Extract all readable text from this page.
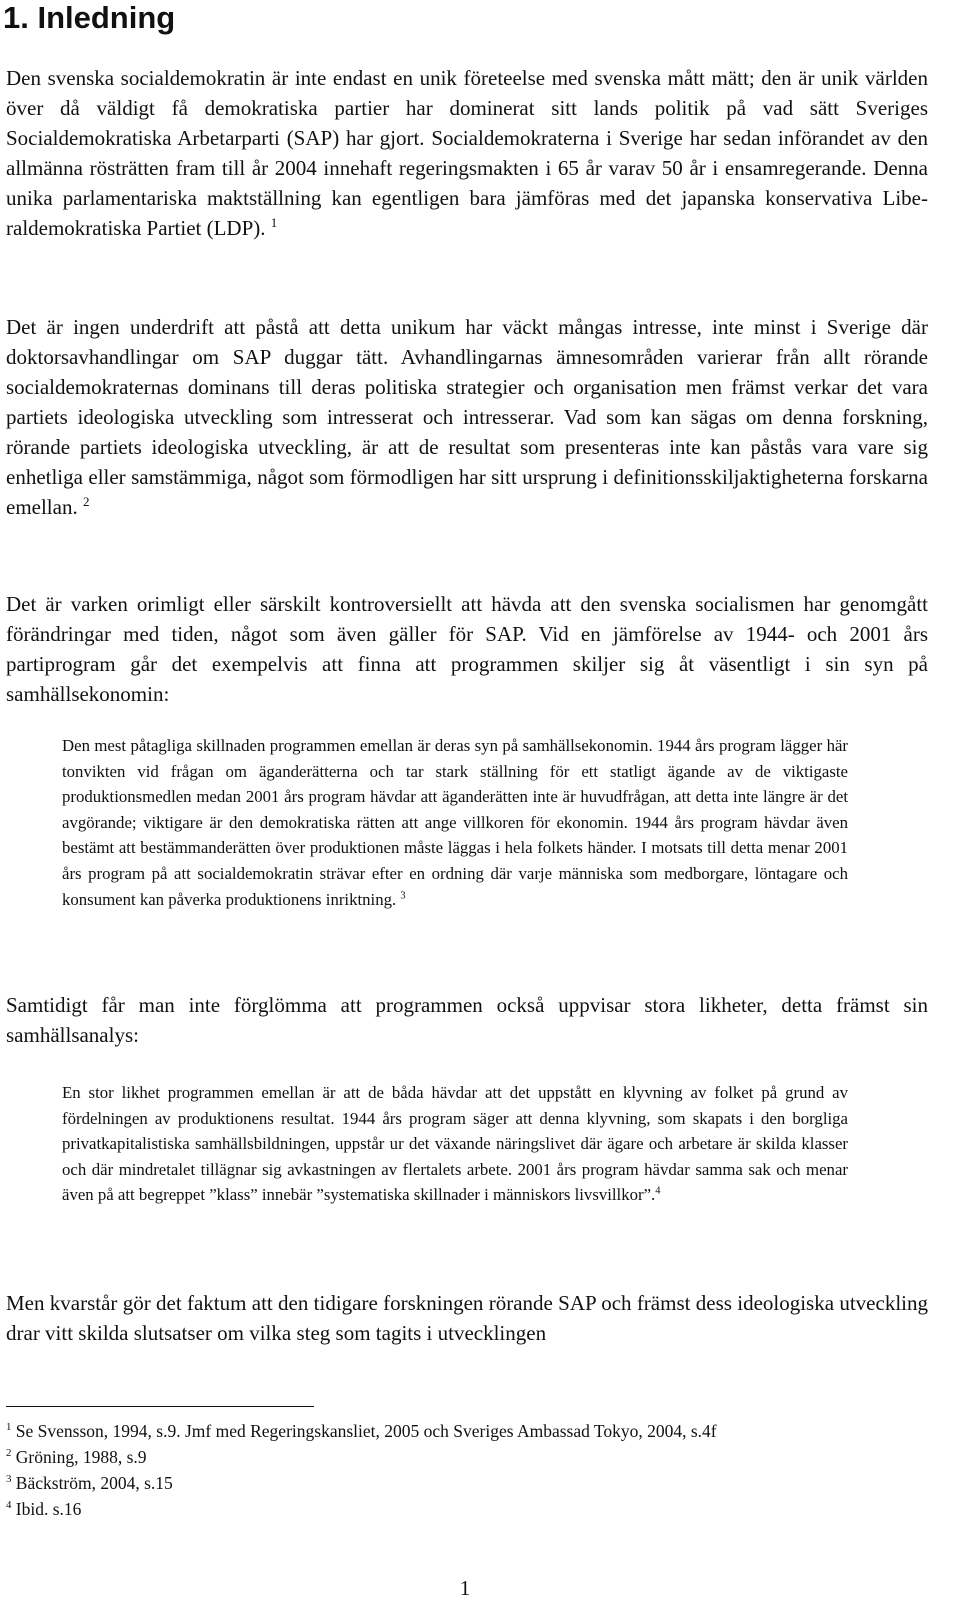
1. Inledning

Den svenska socialdemokratin är inte endast en unik företeelse med svenska mått mätt; den är unik världen över då väldigt få demokratiska partier har dominerat sitt lands politik på vad sätt Sveriges Socialdemokratiska Arbetarparti (SAP) har gjort. Socialdemokraterna i Sverige har sedan införandet av den allmänna rösträtten fram till år 2004 innehaft regeringsmakten i 65 år varav 50 år i ensamregerande. Denna unika parlamentariska maktställning kan egentligen bara jämföras med det japanska konservativa Liberaldemokratiska Partiet (LDP). $^1$

Det är ingen underdrift att påstå att detta unikum har väckt mångas intresse, inte minst i Sverige där doktorsavhandlingar om SAP duggar tätt. Avhandlingarnas ämnesområden varierar från allt rörande socialdemokraternas dominans till deras politiska strategier och organisation men främst verkar det vara partiets ideologiska utveckling som intresserat och intresserar. Vad som kan sägas om denna forskning, rörande partiets ideologiska utveckling, är att de resultat som presenteras inte kan påstås vara vare sig enhetliga eller samstämmiga, något som förmodligen har sitt ursprung i definitionsskiljaktigheterna forskarna emellan. $^2$

Det är varken orimligt eller särskilt kontroversiellt att hävda att den svenska socialismen har genomgått förändringar med tiden, något som även gäller för SAP. Vid en jämförelse av 1944- och 2001 års partiprogram går det exempelvis att finna att programmen skiljer sig åt väsentligt i sin syn på samhällsekonomin:

Den mest påtagliga skillnaden programmen emellan är deras syn på samhällsekonomin. 1944 års program lägger här tonvikten vid frågan om äganderätterna och tar stark ställning för ett statligt ägande av de viktigaste produktionsmedlen medan 2001 års program hävdar att äganderätten inte är huvudfrågan, att detta inte längre är det avgörande; viktigare är den demokratiska rätten att ange villkoren för ekonomin. 1944 års program hävdar även bestämt att bestämmanderätten över produktionen måste läggas i hela folkets händer. I motsats till detta menar 2001 års program på att socialdemokratin strävar efter en ordning där varje människa som medborgare, löntagare och konsument kan påverka produktionens inriktning. $^3$

Samtidigt får man inte förglömma att programmen också uppvisar stora likheter, detta främst sin samhällsanalys:

En stor likhet programmen emellan är att de båda hävdar att det uppstått en klyvning av folket på grund av fördelningen av produktionens resultat. 1944 års program säger att denna klyvning, som skapats i den borgliga privatkapitalistiska samhällsbildningen, uppstår ur det växande näringslivet där ägare och arbetare är skilda klasser och där mindretalet tillägnar sig avkastningen av flertalets arbete. 2001 års program hävdar samma sak och menar även på att begreppet ”klass” innebär ”systematiska skillnader i människors livsvillkor”.$^4$

Men kvarstår gör det faktum att den tidigare forskningen rörande SAP och främst dess ideologiska utveckling drar vitt skilda slutsatser om vilka steg som tagits i utvecklingen

$^1$ Se Svensson, 1994, s.9. Jmf med Regeringskansliet, 2005 och Sveriges Ambassad Tokyo, 2004, s.4f
$^2$ Gröning, 1988, s.9
$^3$ Bäckström, 2004, s.15
$^4$ Ibid. s.16
1
